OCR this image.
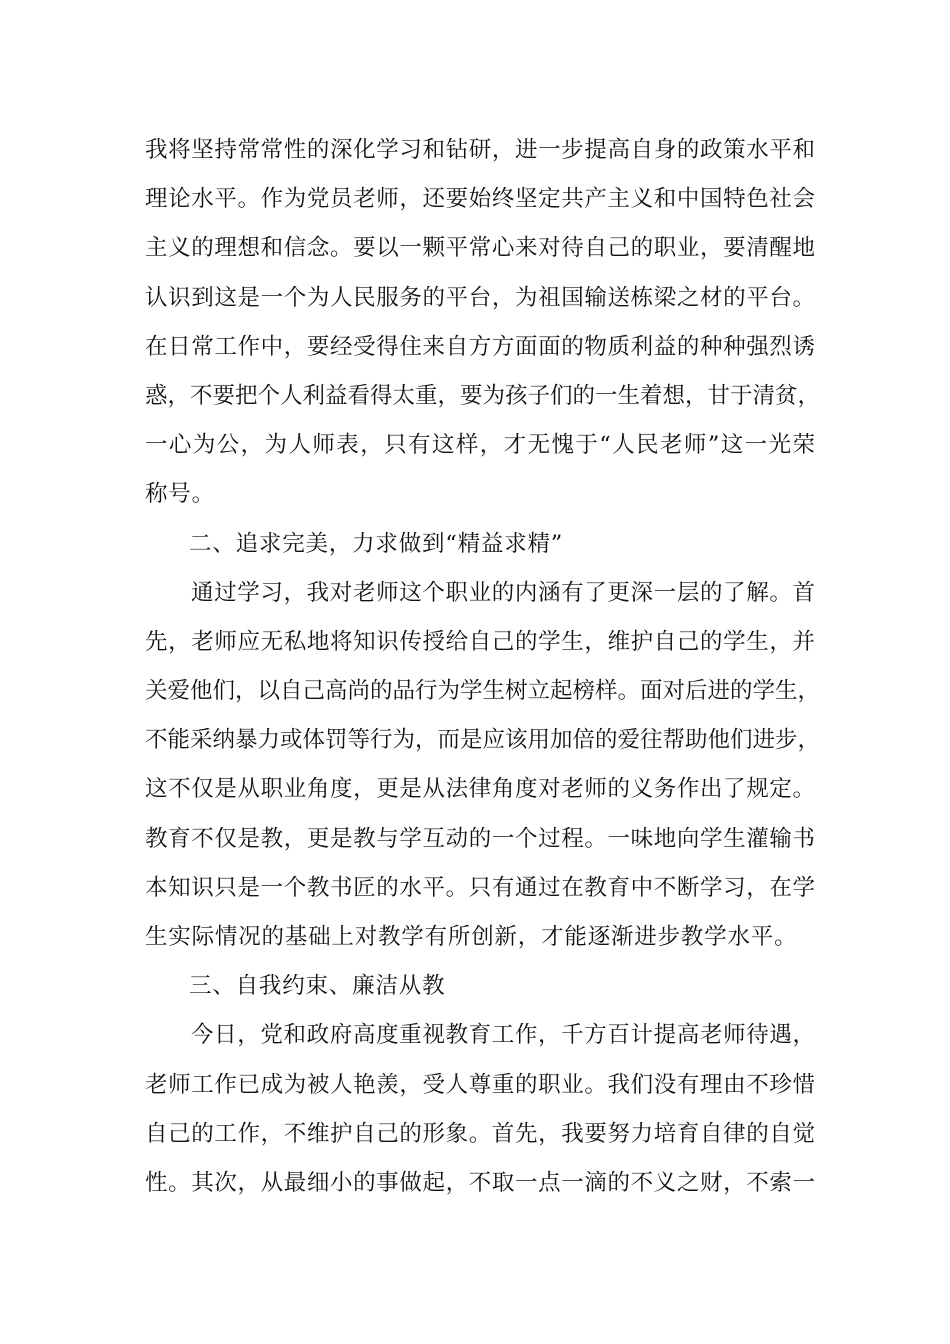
我将坚持常常性的深化学习和钻研，进一步提高自身的政策水平和
理论水平。作为党员老师，还要始终坚定共产主义和中国特色社会
主义的理想和信念。要以一颗平常心来对待自己的职业，要清醒地
认识到这是一个为人民服务的平台，为祖国输送栋梁之材的平台。
在日常工作中，要经受得住来自方方面面的物质利益的种种强烈诱
惑，不要把个人利益看得太重，要为孩子们的一生着想，甘于清贫，
一心为公，为人师表，只有这样，才无愧于“人民老师”这一光荣
称号。
二、追求完美，力求做到“精益求精”
通过学习，我对老师这个职业的内涵有了更深一层的了解。首
先，老师应无私地将知识传授给自己的学生，维护自己的学生，并
关爱他们，以自己高尚的品行为学生树立起榜样。面对后进的学生，
不能采纳暴力或体罚等行为，而是应该用加倍的爱往帮助他们进步，
这不仅是从职业角度，更是从法律角度对老师的义务作出了规定。
教育不仅是教，更是教与学互动的一个过程。一味地向学生灌输书
本知识只是一个教书匠的水平。只有通过在教育中不断学习，在学
生实际情况的基础上对教学有所创新，才能逐渐进步教学水平。
三、自我约束、廉洁从教
今日，党和政府高度重视教育工作，千方百计提高老师待遇，
老师工作已成为被人艳羡，受人尊重的职业。我们没有理由不珍惜
自己的工作，不维护自己的形象。首先，我要努力培育自律的自觉
性。其次，从最细小的事做起，不取一点一滴的不义之财，不索一
